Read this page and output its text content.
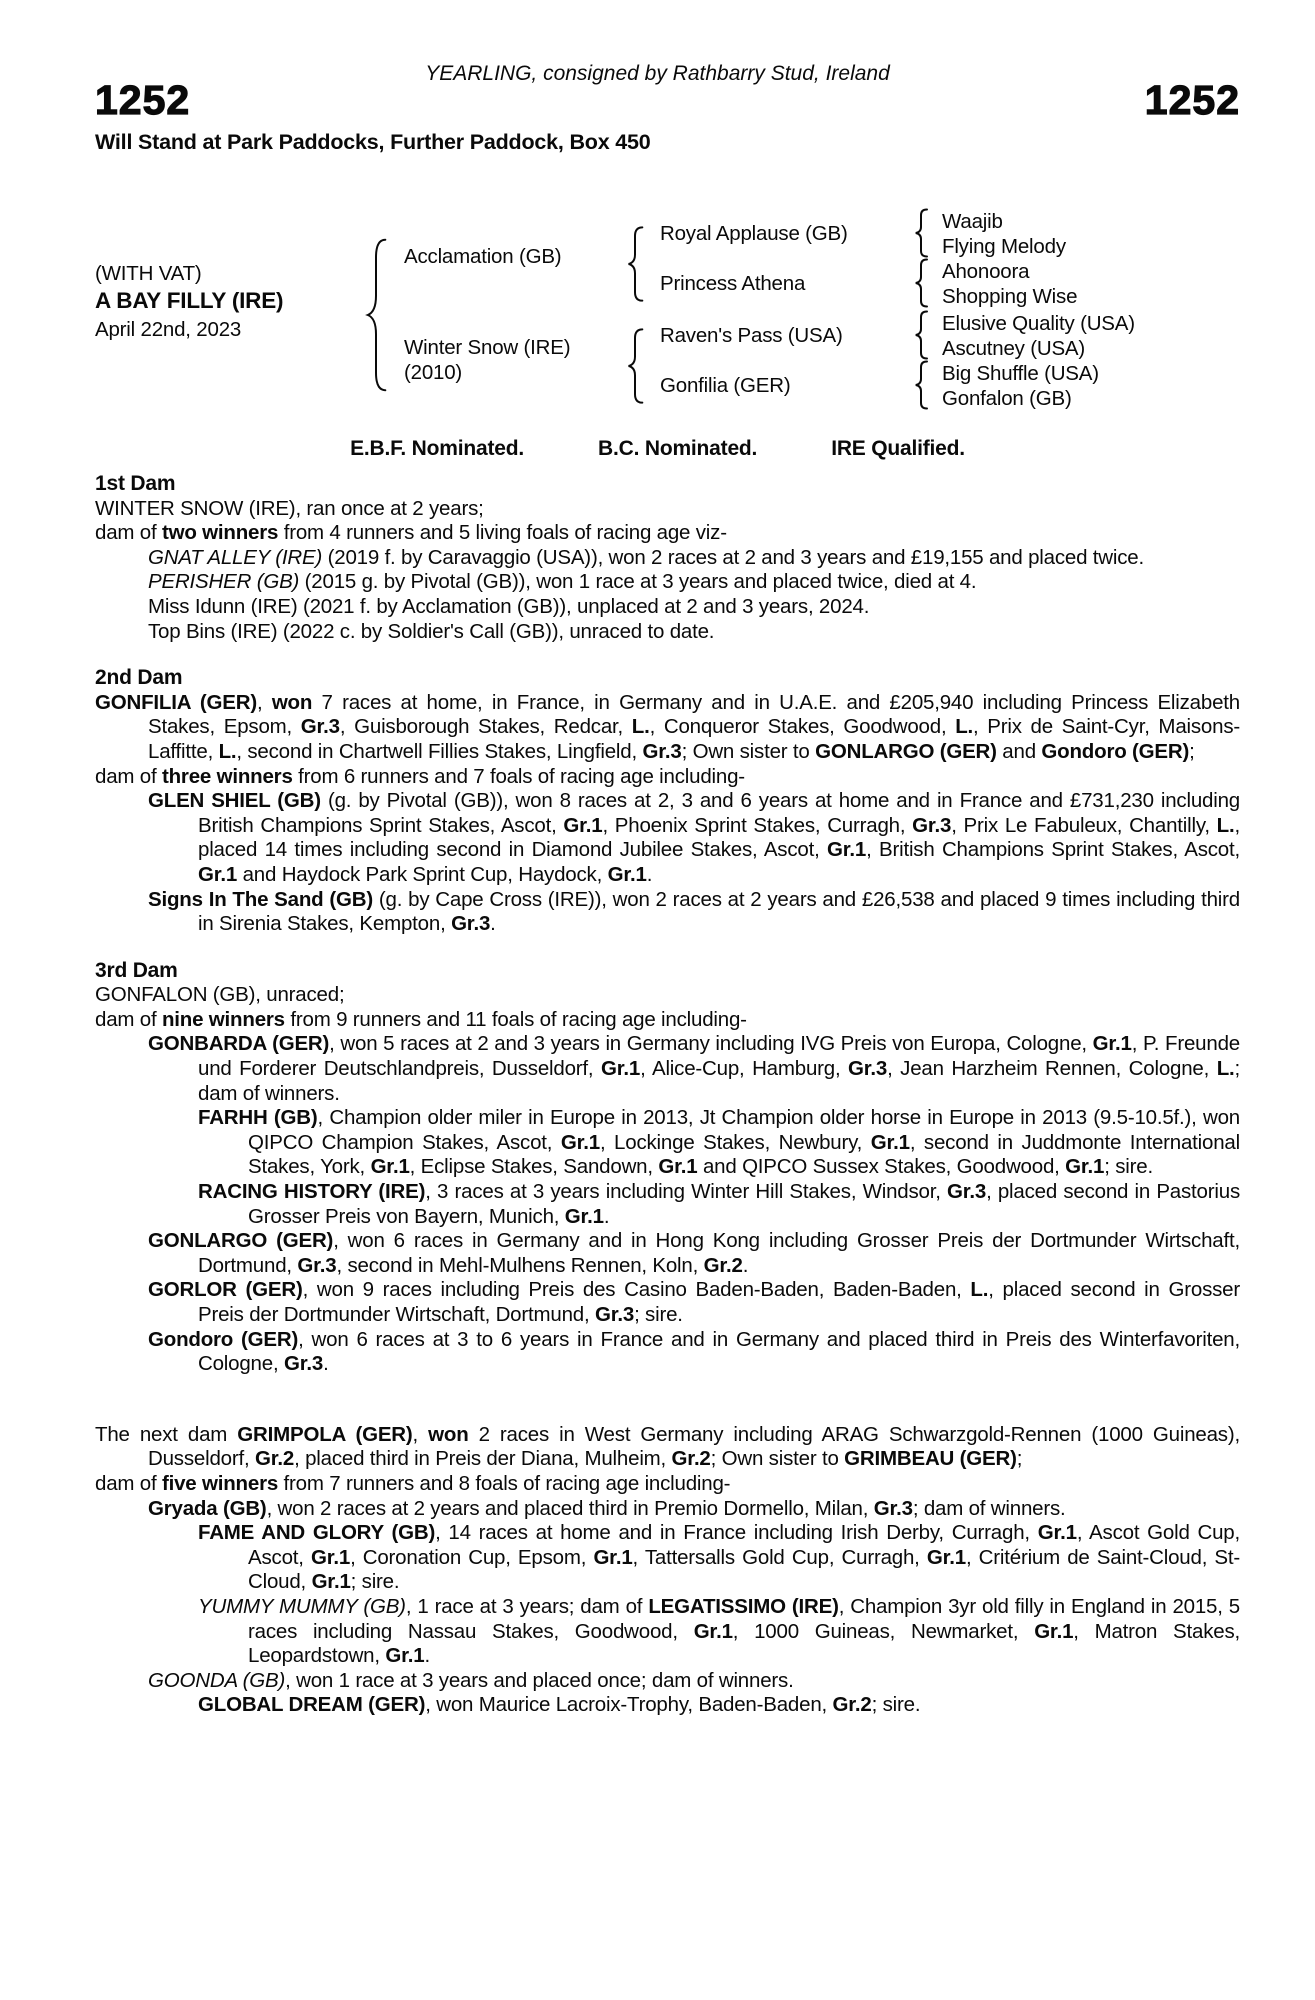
YEARLING, consigned by Rathbarry Stud, Ireland
1252	1252
Will Stand at Park Paddocks, Further Paddock, Box 450
(WITH VAT)
A BAY FILLY (IRE)
April 22nd, 2023
Acclamation (GB)
Winter Snow (IRE)
(2010)
Royal Applause (GB)
Princess Athena
Raven's Pass (USA)
Gonfilia (GER)
Waajib
Flying Melody
Ahonoora
Shopping Wise
Elusive Quality (USA)
Ascutney (USA)
Big Shuffle (USA)
Gonfalon (GB)
E.B.F. Nominated.	B.C. Nominated.	IRE Qualified.
1st Dam

WINTER SNOW (IRE), ran once at 2 years;

dam of two winners from 4 runners and 5 living foals of racing age viz-

GNAT ALLEY (IRE) (2019 f. by Caravaggio (USA)), won 2 races at 2 and 3 years and £19,155 and placed twice.

PERISHER (GB) (2015 g. by Pivotal (GB)), won 1 race at 3 years and placed twice, died at 4.

Miss Idunn (IRE) (2021 f. by Acclamation (GB)), unplaced at 2 and 3 years, 2024.

Top Bins (IRE) (2022 c. by Soldier's Call (GB)), unraced to date.

2nd Dam

GONFILIA (GER), won 7 races at home, in France, in Germany and in U.A.E. and £205,940 including Princess Elizabeth Stakes, Epsom, Gr.3, Guisborough Stakes, Redcar, L., Conqueror Stakes, Goodwood, L., Prix de Saint-Cyr, Maisons-Laffitte, L., second in Chartwell Fillies Stakes, Lingfield, Gr.3; Own sister to GONLARGO (GER) and Gondoro (GER);

dam of three winners from 6 runners and 7 foals of racing age including-

GLEN SHIEL (GB) (g. by Pivotal (GB)), won 8 races at 2, 3 and 6 years at home and in France and £731,230 including British Champions Sprint Stakes, Ascot, Gr.1, Phoenix Sprint Stakes, Curragh, Gr.3, Prix Le Fabuleux, Chantilly, L., placed 14 times including second in Diamond Jubilee Stakes, Ascot, Gr.1, British Champions Sprint Stakes, Ascot, Gr.1 and Haydock Park Sprint Cup, Haydock, Gr.1.

Signs In The Sand (GB) (g. by Cape Cross (IRE)), won 2 races at 2 years and £26,538 and placed 9 times including third in Sirenia Stakes, Kempton, Gr.3.

3rd Dam

GONFALON (GB), unraced;

dam of nine winners from 9 runners and 11 foals of racing age including-

GONBARDA (GER), won 5 races at 2 and 3 years in Germany including IVG Preis von Europa, Cologne, Gr.1, P. Freunde und Forderer Deutschlandpreis, Dusseldorf, Gr.1, Alice-Cup, Hamburg, Gr.3, Jean Harzheim Rennen, Cologne, L.; dam of winners.

FARHH (GB), Champion older miler in Europe in 2013, Jt Champion older horse in Europe in 2013 (9.5-10.5f.), won QIPCO Champion Stakes, Ascot, Gr.1, Lockinge Stakes, Newbury, Gr.1, second in Juddmonte International Stakes, York, Gr.1, Eclipse Stakes, Sandown, Gr.1 and QIPCO Sussex Stakes, Goodwood, Gr.1; sire.

RACING HISTORY (IRE), 3 races at 3 years including Winter Hill Stakes, Windsor, Gr.3, placed second in Pastorius Grosser Preis von Bayern, Munich, Gr.1.

GONLARGO (GER), won 6 races in Germany and in Hong Kong including Grosser Preis der Dortmunder Wirtschaft, Dortmund, Gr.3, second in Mehl-Mulhens Rennen, Koln, Gr.2.

GORLOR (GER), won 9 races including Preis des Casino Baden-Baden, Baden-Baden, L., placed second in Grosser Preis der Dortmunder Wirtschaft, Dortmund, Gr.3; sire.

Gondoro (GER), won 6 races at 3 to 6 years in France and in Germany and placed third in Preis des Winterfavoriten, Cologne, Gr.3.

The next dam GRIMPOLA (GER), won 2 races in West Germany including ARAG Schwarzgold-Rennen (1000 Guineas), Dusseldorf, Gr.2, placed third in Preis der Diana, Mulheim, Gr.2; Own sister to GRIMBEAU (GER);

dam of five winners from 7 runners and 8 foals of racing age including-

Gryada (GB), won 2 races at 2 years and placed third in Premio Dormello, Milan, Gr.3; dam of winners.

FAME AND GLORY (GB), 14 races at home and in France including Irish Derby, Curragh, Gr.1, Ascot Gold Cup, Ascot, Gr.1, Coronation Cup, Epsom, Gr.1, Tattersalls Gold Cup, Curragh, Gr.1, Critérium de Saint-Cloud, St-Cloud, Gr.1; sire.

YUMMY MUMMY (GB), 1 race at 3 years; dam of LEGATISSIMO (IRE), Champion 3yr old filly in England in 2015, 5 races including Nassau Stakes, Goodwood, Gr.1, 1000 Guineas, Newmarket, Gr.1, Matron Stakes, Leopardstown, Gr.1.

GOONDA (GB), won 1 race at 3 years and placed once; dam of winners.

GLOBAL DREAM (GER), won Maurice Lacroix-Trophy, Baden-Baden, Gr.2; sire.
